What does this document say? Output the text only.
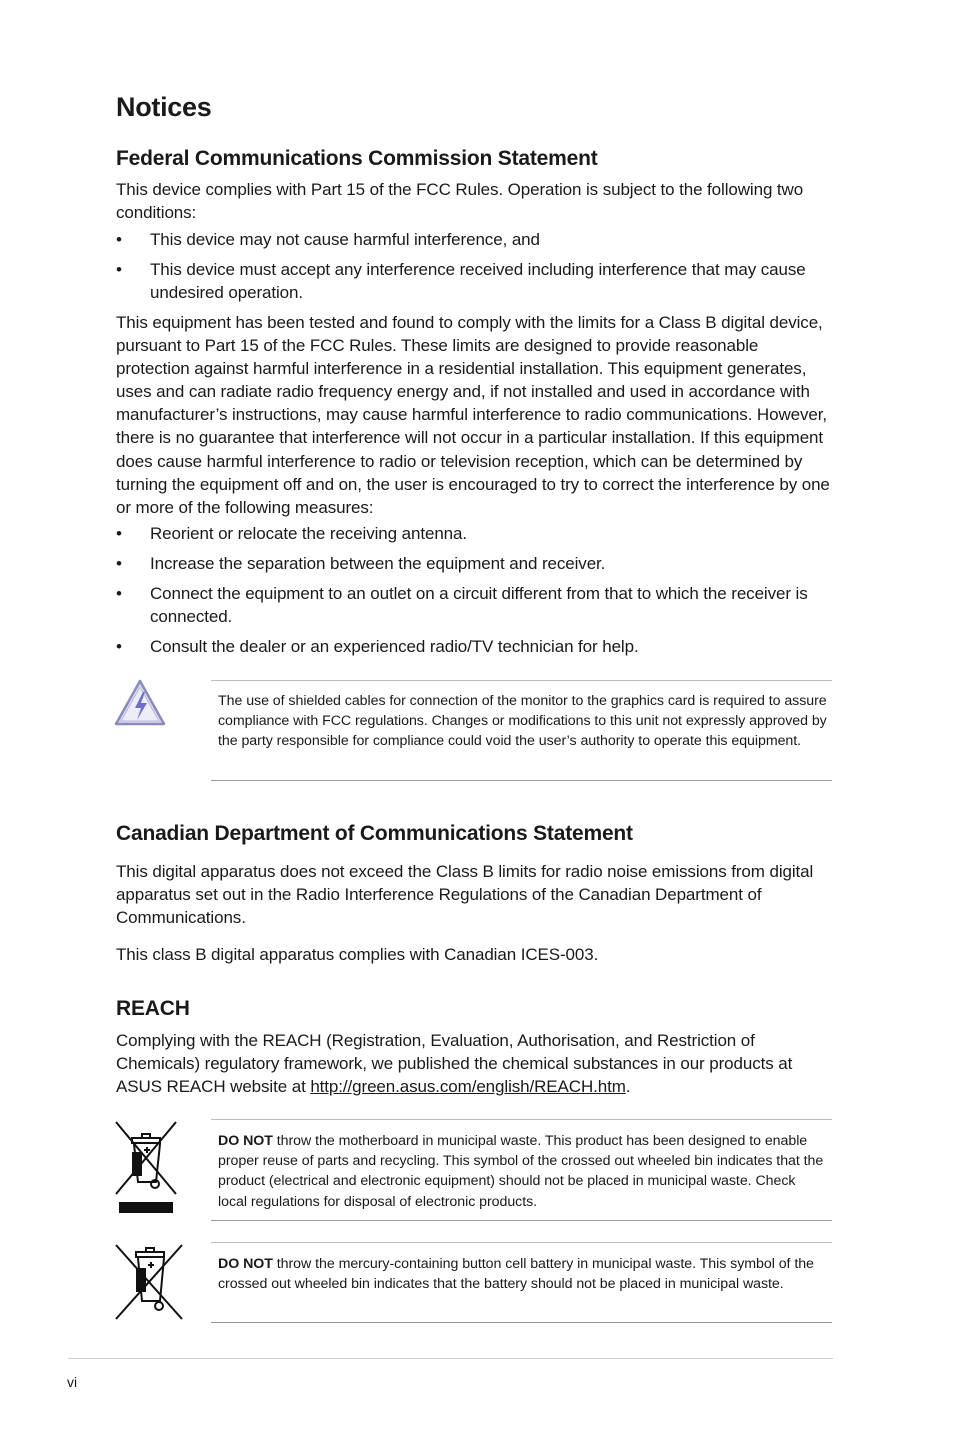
Notices
Federal Communications Commission Statement
This device complies with Part 15 of the FCC Rules. Operation is subject to the following two conditions:
•	This device may not cause harmful interference, and
•	This device must accept any interference received including interference that may cause undesired operation.
This equipment has been tested and found to comply with the limits for a Class B digital device, pursuant to Part 15 of the FCC Rules. These limits are designed to provide reasonable protection against harmful interference in a residential installation. This equipment generates, uses and can radiate radio frequency energy and, if not installed and used in accordance with manufacturer’s instructions, may cause harmful interference to radio communications. However, there is no guarantee that interference will not occur in a particular installation. If this equipment does cause harmful interference to radio or television reception, which can be determined by turning the equipment off and on, the user is encouraged to try to correct the interference by one or more of the following measures:
•	Reorient or relocate the receiving antenna.
•	Increase the separation between the equipment and receiver.
•	Connect the equipment to an outlet on a circuit different from that to which the receiver is connected.
•	Consult the dealer or an experienced radio/TV technician for help.
The use of shielded cables for connection of the monitor to the graphics card is required to assure compliance with FCC regulations. Changes or modifications to this unit not expressly approved by the party responsible for compliance could void the user’s authority to operate this equipment.
Canadian Department of Communications Statement
This digital apparatus does not exceed the Class B limits for radio noise emissions from digital apparatus set out in the Radio Interference Regulations of the Canadian Department of Communications.
This class B digital apparatus complies with Canadian ICES-003.
REACH
Complying with the REACH (Registration, Evaluation, Authorisation, and Restriction of Chemicals) regulatory framework, we published the chemical substances in our products at ASUS REACH website at http://green.asus.com/english/REACH.htm.
DO NOT throw the motherboard in municipal waste. This product has been designed to enable proper reuse of parts and recycling. This symbol of the crossed out wheeled bin indicates that the product (electrical and electronic equipment) should not be placed in municipal waste. Check local regulations for disposal of electronic products.
DO NOT throw the mercury-containing button cell battery in municipal waste. This symbol of the crossed out wheeled bin indicates that the battery should not be placed in municipal waste.
vi
